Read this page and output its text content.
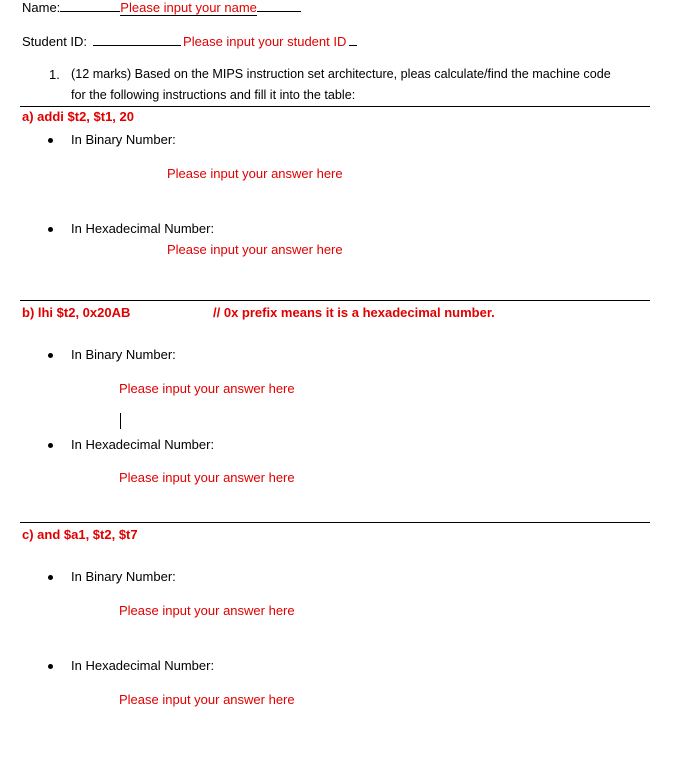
Name:	Please input your name
Student ID:	Please input your student ID
1. (12 marks) Based on the MIPS instruction set architecture, pleas calculate/find the machine code
for the following instructions and fill it into the table:
a) addi $t2, $t1, 20
In Binary Number:
Please input your answer here
In Hexadecimal Number:
Please input your answer here
b) lhi $t2, 0x20AB	// 0x prefix means it is a hexadecimal number.
In Binary Number:
Please input your answer here
In Hexadecimal Number:
Please input your answer here
c) and $a1, $t2, $t7
In Binary Number:
Please input your answer here
In Hexadecimal Number:
Please input your answer here
